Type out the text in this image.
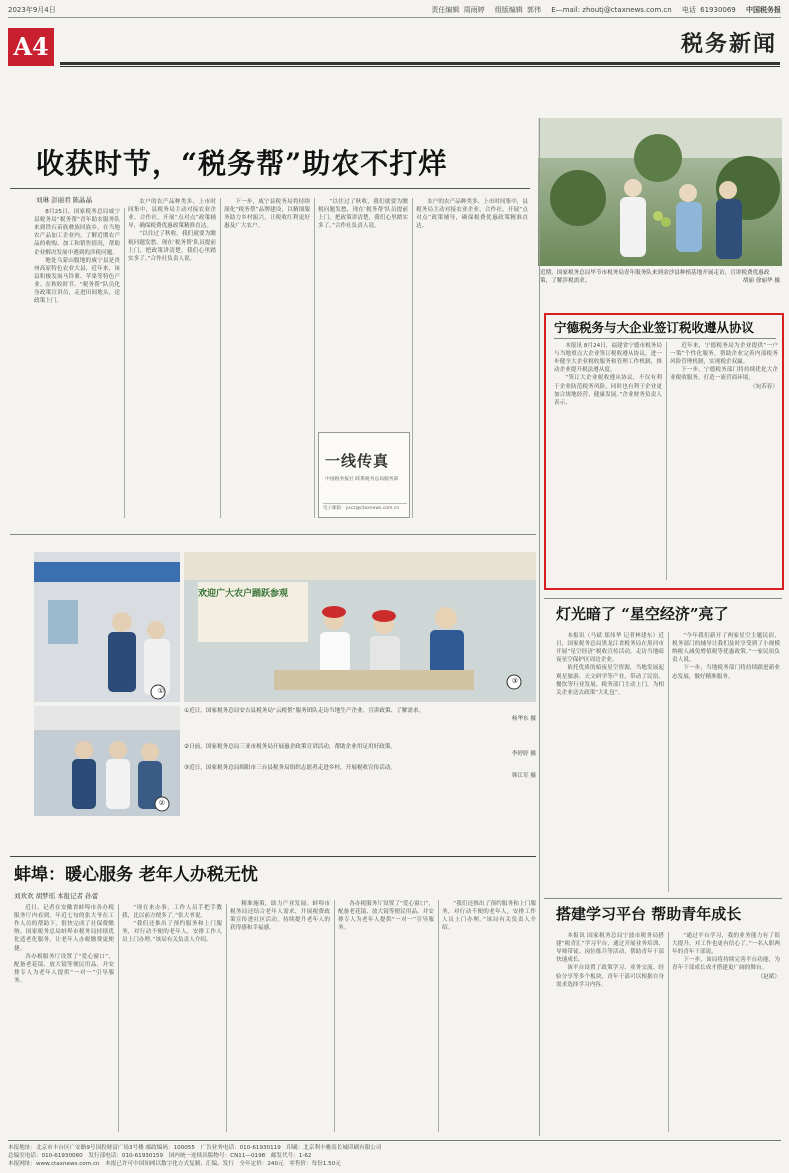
2023年9月4日	责任编辑 周雨婷 组版编辑 郭伟 E—mail: zhoutj@ctaxnews.com.cn 电话 61930069 中国税务报
A4	税务新闻
收获时节，“税务帮”助农不打烊
刘琳 彭丽君 陈晶晶

8月25日，国家税务总局威宁县税务局“税务帮”青年助农服务队来到铁石苗族彝族回族乡，在当地农产品加工企业内，了解近期农产品的收购、加工和销售情况，帮助企业解决发展中遇到的涉税问题。

地处乌蒙山腹地的威宁县是贵州高原特色农业大县，近年来，该县积极发展马铃薯、苹果等特色产业。在秋收时节，“税务帮”队员化身政策宣讲员，走进田间地头，送政策上门。

农户的农产品种类多、上市时间集中，县税务局主动对接农业企业、合作社，开展“点对点”政策辅导，确保税费优惠政策精准直达。

“以往过了秋收，我们就要为缴税问题发愁，现在‘税务帮’队员提前上门，把政策讲清楚，我们心里踏实多了。”合作社负责人说。

下一步，威宁县税务局将持续深化“税务帮”品牌建设，以精细服务助力乡村振兴，让税收红利更好惠及广大农户。

“以往过了秋收，我们就要为缴税问题发愁，现在‘税务帮’队员提前上门，把政策讲清楚，我们心里踏实多了。”合作社负责人说。

农户的农产品种类多、上市时间集中，县税务局主动对接农业企业、合作社，开展“点对点”政策辅导，确保税费优惠政策精准直达。

一线传真
中国税务报社 联系税务总局服务部
电子邮箱：yxcz@ctaxnews.com.cn
近期，国家税务总局毕节市税务局青年服务队来到金沙县种植基地开展走访，宣讲税费优惠政策，了解涉税需求。	胡丽 徐丽华 摄
宁德税务与大企业签订税收遵从协议

本报讯 8月24日，福建省宁德市税务局与当地重点大企业签订税收遵从协议，进一步健全大企业税收服务和管理工作机制，推动企业提升税法遵从度。

“签订大企业税收遵从协议，不仅有利于企业防范税务风险，同时也有利于企业更加合规地经营、健康发展。”企业财务负责人表示。

近年来，宁德税务局为企业提供“一户一策”个性化服务，帮助企业完善内部税务风险管理机制，实现税企双赢。

下一步，宁德税务部门将持续优化大企业税收服务，打造一流营商环境。

（宛若春）
①
欢迎广大农户踊跃参观
③
②
①近日，国家税务总局安吉县税务局“云税帮”服务团队走访当地生产企业，宣讲政策、了解需求。
杨华东 摄
②日前，国家税务总局三亚市税务局开展惠企政策宣讲活动，帮助企业用足用好政策。
李婷婷 摄
③近日，国家税务总局绵阳市三台县税务局组织志愿者走进乡村，开展税收宣传活动。
韩江军 摄
灯光暗了 “星空经济”亮了

本报讯（马斌 郑伟华 记者林建东）近日，国家税务总局黑龙江省税务局在黑河市开展“星空经济”税收宣传活动，走访当地暗夜星空保护区周边企业。

依托优质的暗夜星空资源，当地发展起观星旅游、天文研学等产业，带动了民宿、餐饮等行业发展。税务部门主动上门，为相关企业送去政策“大礼包”。

“今年我们新开了两家星空主题民宿，税务部门的辅导让我们及时享受到了小规模纳税人减免增值税等优惠政策。”一家民宿负责人说。

下一步，当地税务部门将持续跟进新业态发展，做好精准服务。

蚌埠：暖心服务 老年人办税无忧
刘欢欢 胡梦瑶 本报记者 孙蕾

近日，记者在安徽省蚌埠市各办税服务厅内看到，年近七旬的张大爷在工作人员的帮助下，很快完成了社保费缴纳。国家税务总局蚌埠市税务局持续优化适老化服务，让老年人办税缴费更便捷。

各办税服务厅设置了“爱心窗口”，配备老花镜、放大镜等便民用品，并安排专人为老年人提供“一对一”引导服务。

“现在来办事，工作人员手把手教我，比以前方便多了。”张大爷说。

“我们还推出了预约服务和上门服务，对行动不便的老年人，安排工作人员上门办理。”该局有关负责人介绍。

精准施策，助力产业发展。蚌埠市税务局还结合老年人需求，开展税费政策宣传进社区活动，持续提升老年人的获得感和幸福感。

各办税服务厅设置了“爱心窗口”，配备老花镜、放大镜等便民用品，并安排专人为老年人提供“一对一”引导服务。

“我们还推出了预约服务和上门服务，对行动不便的老年人，安排工作人员上门办理。”该局有关负责人介绍。

搭建学习平台 帮助青年成长

本报讯 国家税务总局宁波市税务局搭建“税青汇”学习平台，通过开展业务培训、导师带徒、岗位练兵等活动，帮助青年干部快速成长。

该平台设置了政策学习、业务交流、经验分享等多个板块，青年干部可以根据自身需求选择学习内容。

“通过平台学习，我的业务能力有了很大提升，对工作也更有信心了。”一名入职两年的青年干部说。

下一步，该局将持续完善平台功能，为青年干部成长成才搭建更广阔的舞台。

（赵斌）
本报地址：北京市丰台区广安路9号国投财富广场3号楼 邮政编码：100055　广告业务电话：010-61930119　印刷：北京利丰雅高长城印刷有限公司
总编室电话：010-61930060　发行部电话：010-61930159　国内统一连续出版物号：CN11—0198　邮发代号：1-62
本报网址：www.ctaxnews.com.cn　本报已许可中国知网以数字化方式复制、汇编、发行　全年定价：240元　零售价：每份1.50元
